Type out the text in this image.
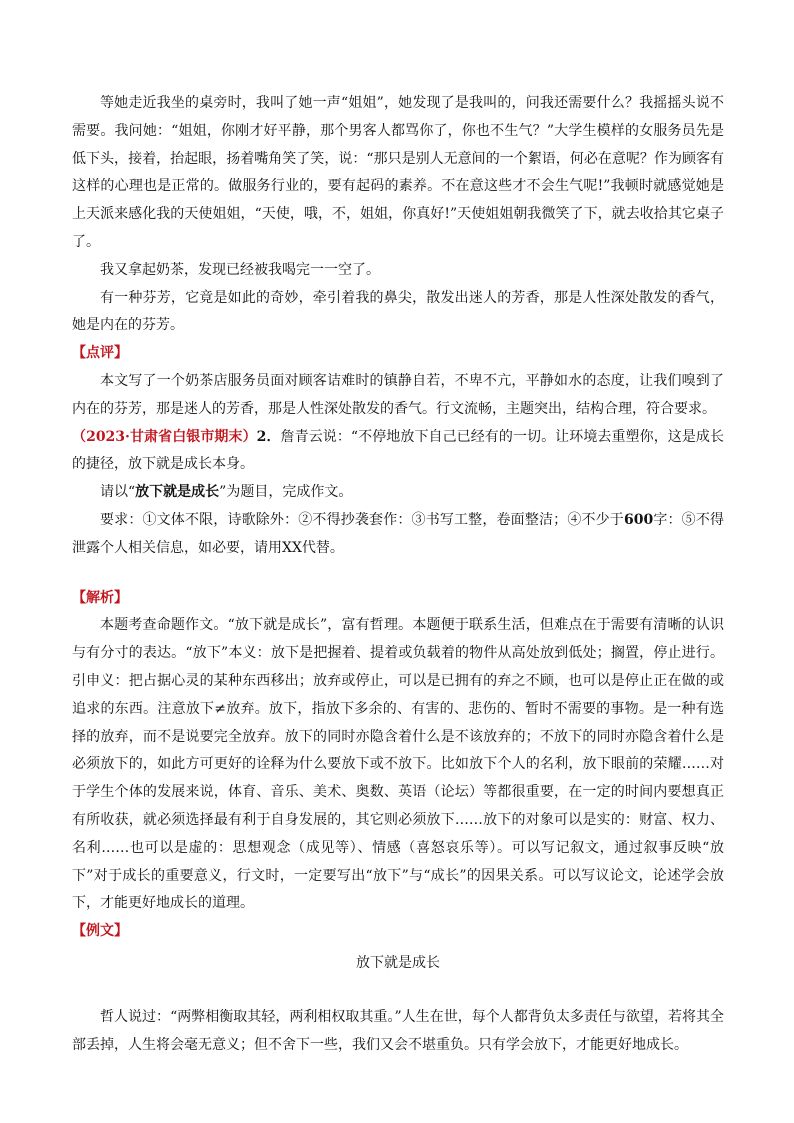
等她走近我坐的桌旁时，我叫了她一声“姐姐”，她发现了是我叫的，问我还需要什么？我摇摇头说不需要。我问她：“姐姐，你刚才好平静，那个男客人都骂你了，你也不生气？”大学生模样的女服务员先是低下头，接着，抬起眼，扬着嘴角笑了笑，说：“那只是别人无意间的一个絮语，何必在意呢？作为顾客有这样的心理也是正常的。做服务行业的，要有起码的素养。不在意这些才不会生气呢!”我顿时就感觉她是上天派来感化我的天使姐姐，“天使，哦，不，姐姐，你真好!”天使姐姐朝我微笑了下，就去收拾其它桌子了。

我又拿起奶茶，发现已经被我喝完一一空了。

有一种芬芳，它竟是如此的奇妙，牵引着我的鼻尖，散发出迷人的芳香，那是人性深处散发的香气，她是内在的芬芳。

【点评】

本文写了一个奶茶店服务员面对顾客诘难时的镇静自若，不卑不亢，平静如水的态度，让我们嗅到了内在的芬芳，那是迷人的芳香，那是人性深处散发的香气。行文流畅，主题突出，结构合理，符合要求。

（2023·甘肃省白银市期末）2．詹青云说：“不停地放下自己已经有的一切。让环境去重塑你，这是成长的捷径，放下就是成长本身。

请以“放下就是成长”为题目，完成作文。

要求：①文体不限，诗歌除外：②不得抄袭套作：③书写工整，卷面整洁；④不少于600字：⑤不得泄露个人相关信息，如必要，请用XX代替。

【解析】

本题考查命题作文。“放下就是成长”，富有哲理。本题便于联系生活，但难点在于需要有清晰的认识与有分寸的表达。“放下”本义：放下是把握着、提着或负载着的物件从高处放到低处；搁置，停止进行。引申义：把占据心灵的某种东西移出；放弃或停止，可以是已拥有的弃之不顾，也可以是停止正在做的或追求的东西。注意放下≠放弃。放下，指放下多余的、有害的、悲伤的、暂时不需要的事物。是一种有选择的放弃，而不是说要完全放弃。放下的同时亦隐含着什么是不该放弃的；不放下的同时亦隐含着什么是必须放下的，如此方可更好的诠释为什么要放下或不放下。比如放下个人的名利，放下眼前的荣耀……对于学生个体的发展来说，体育、音乐、美术、奥数、英语（论坛）等都很重要，在一定的时间内要想真正有所收获，就必须选择最有利于自身发展的，其它则必须放下……放下的对象可以是实的：财富、权力、名利……也可以是虚的：思想观念（成见等）、情感（喜怒哀乐等）。可以写记叙文，通过叙事反映“放下”对于成长的重要意义，行文时，一定要写出“放下”与“成长”的因果关系。可以写议论文，论述学会放下，才能更好地成长的道理。

【例文】

放下就是成长

哲人说过：“两弊相衡取其轻，两利相权取其重。”人生在世，每个人都背负太多责任与欲望，若将其全部丢掉，人生将会毫无意义；但不舍下一些，我们又会不堪重负。只有学会放下，才能更好地成长。
